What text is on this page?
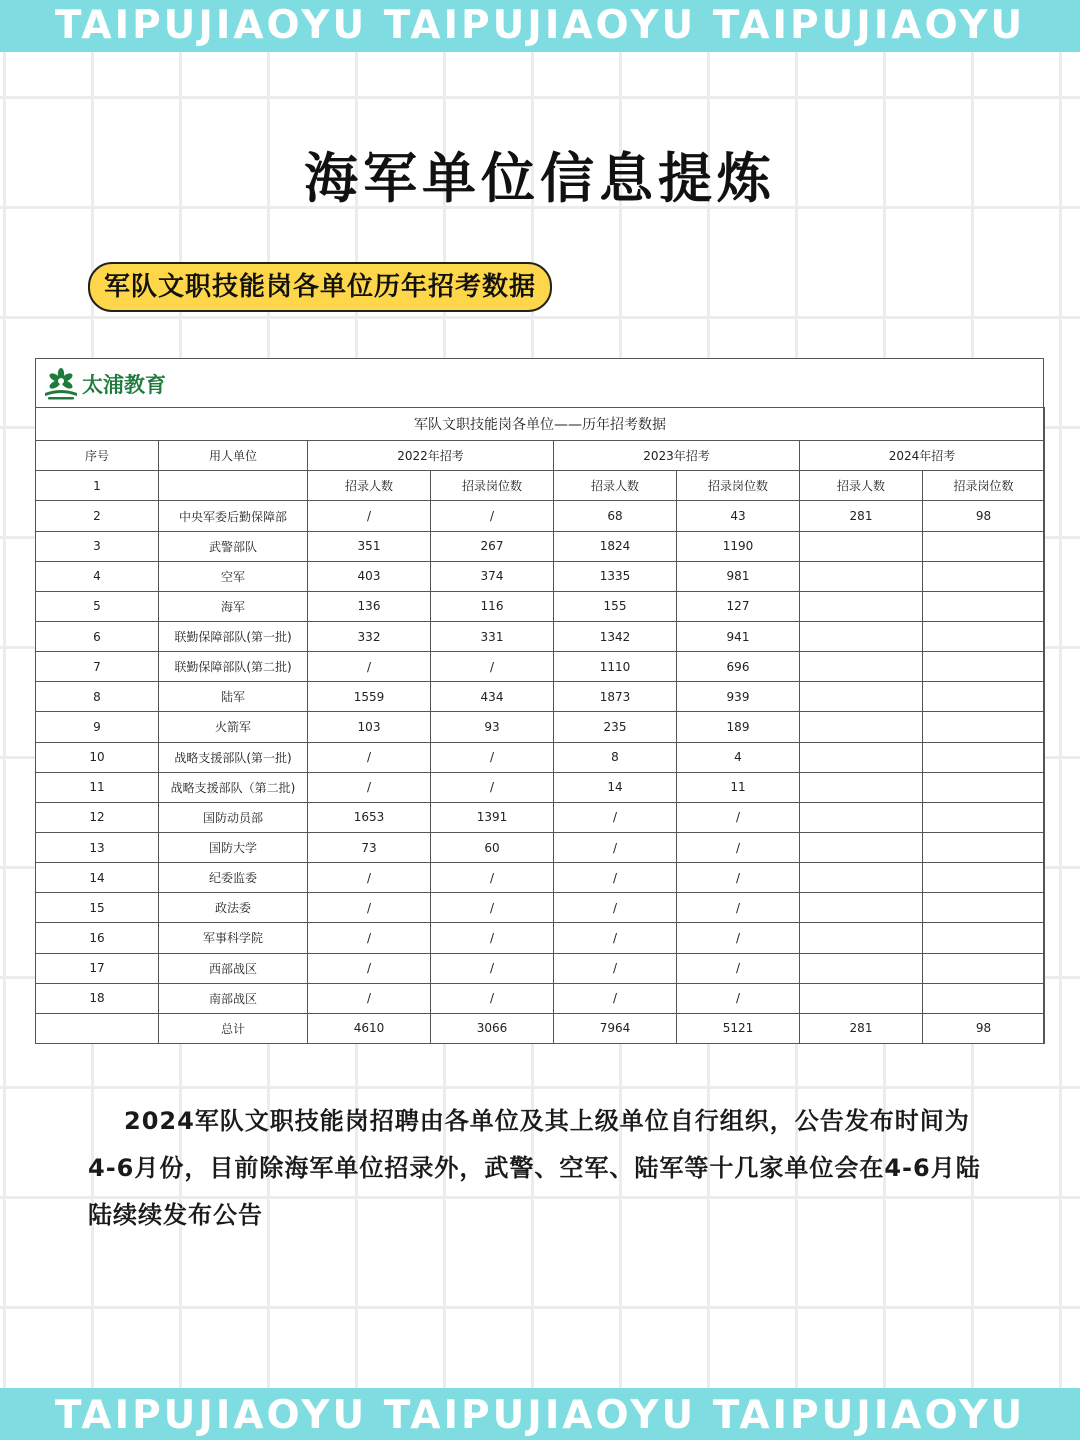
TAIPUJIAOYU TAIPUJIAOYU TAIPUJIAOYU
海军单位信息提炼
军队文职技能岗各单位历年招考数据
太浦教育
军队文职技能岗各单位——历年招考数据							
序号	用人单位	2022年招考		2023年招考		2024年招考	
1		招录人数	招录岗位数	招录人数	招录岗位数	招录人数	招录岗位数
2	中央军委后勤保障部	/	/	68	43	281	98
3	武警部队	351	267	1824	1190		
4	空军	403	374	1335	981		
5	海军	136	116	155	127		
6	联勤保障部队(第一批)	332	331	1342	941		
7	联勤保障部队(第二批)	/	/	1110	696		
8	陆军	1559	434	1873	939		
9	火箭军	103	93	235	189		
10	战略支援部队(第一批)	/	/	8	4		
11	战略支援部队（第二批)	/	/	14	11		
12	国防动员部	1653	1391	/	/		
13	国防大学	73	60	/	/		
14	纪委监委	/	/	/	/		
15	政法委	/	/	/	/		
16	军事科学院	/	/	/	/		
17	西部战区	/	/	/	/		
18	南部战区	/	/	/	/		
	总计	4610	3066	7964	5121	281	98
2024军队文职技能岗招聘由各单位及其上级单位自行组织，公告发布时间为4-6月份，目前除海军单位招录外，武警、空军、陆军等十几家单位会在4-6月陆陆续续发布公告
TAIPUJIAOYU TAIPUJIAOYU TAIPUJIAOYU
